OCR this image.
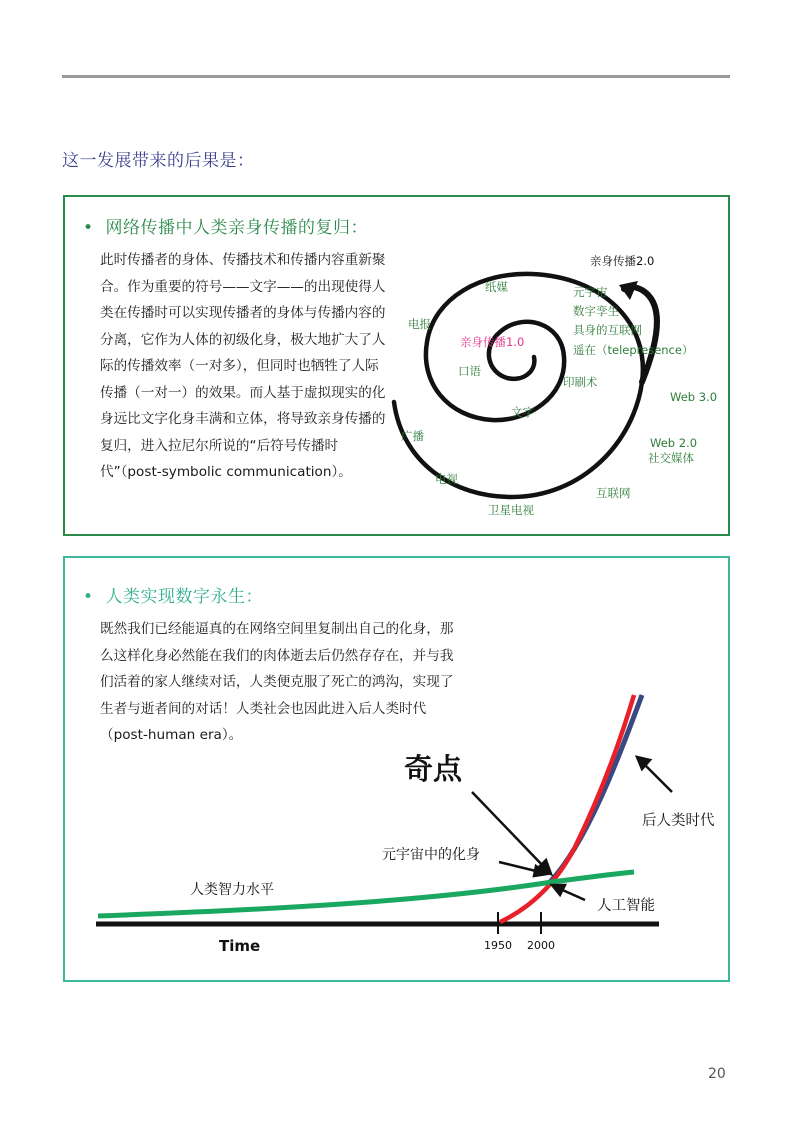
这一发展带来的后果是：
• 网络传播中人类亲身传播的复归：
此时传播者的身体、传播技术和传播内容重新聚合。作为重要的符号——文字——的出现使得人类在传播时可以实现传播者的身体与传播内容的分离，它作为人体的初级化身，极大地扩大了人际的传播效率（一对多），但同时也牺牲了人际传播（一对一）的效果。而人基于虚拟现实的化身远比文字化身丰满和立体，将导致亲身传播的复归，进入拉尼尔所说的“后符号传播时代”（post-symbolic communication）。
亲身传播2.0
亲身传播1.0
口语
文字
印刷术
纸媒
电报
广播
电视
卫星电视
互联网
Web 2.0
社交媒体
Web 3.0
元宇宙
数字孪生
具身的互联网
遥在（telepresence）
• 人类实现数字永生：
既然我们已经能逼真的在网络空间里复制出自己的化身，那么这样化身必然能在我们的肉体逝去后仍然存存在，并与我们活着的家人继续对话，人类便克服了死亡的鸿沟，实现了生者与逝者间的对话！人类社会也因此进入后人类时代（post-human era）。
奇点
人类智力水平
元宇宙中的化身
人工智能
后人类时代
Time	1950 2000
20
